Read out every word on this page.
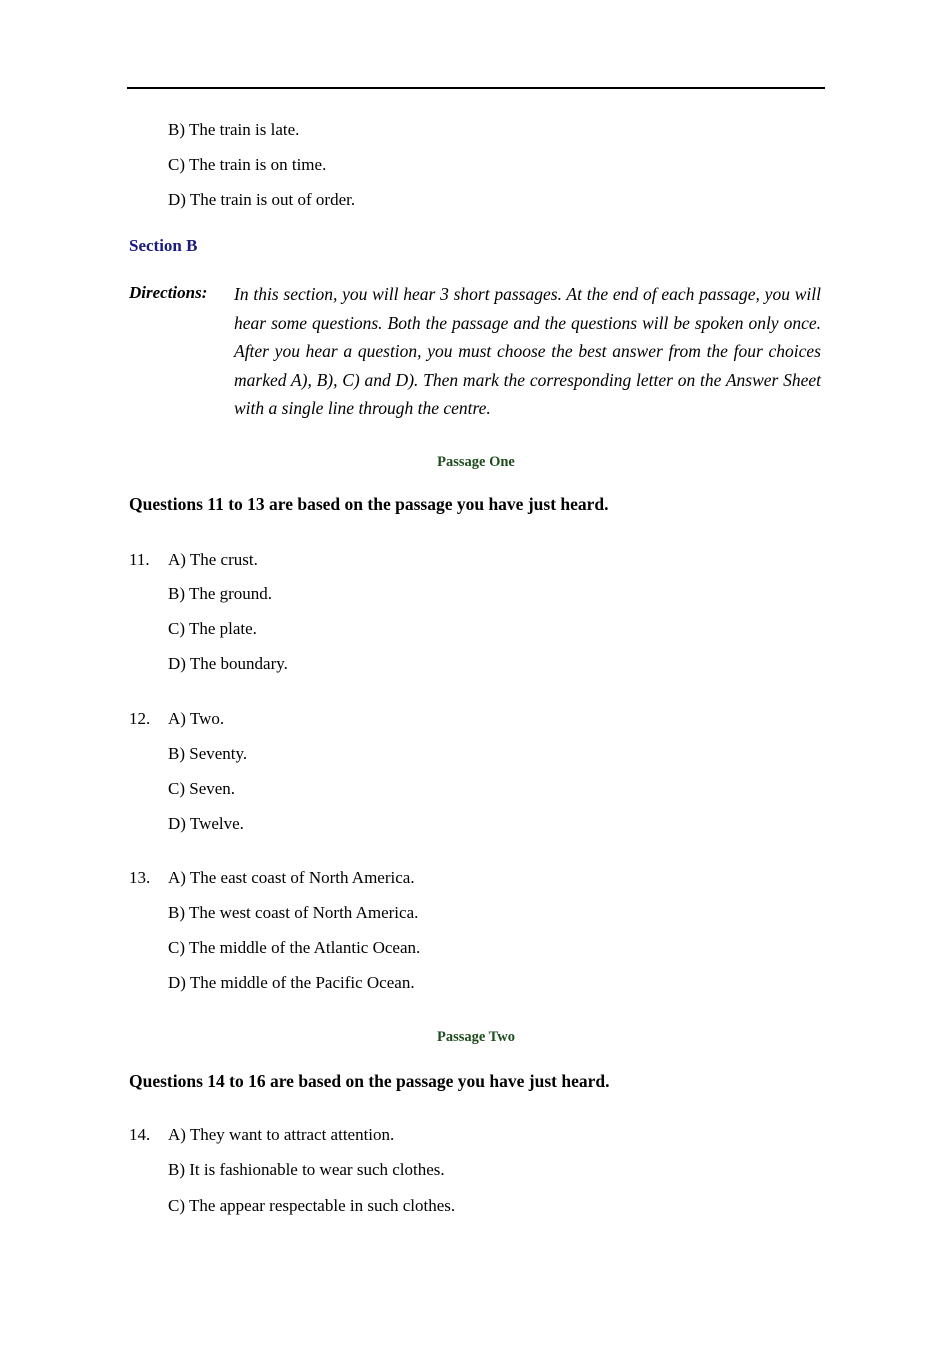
B) The train is late.
C) The train is on time.
D) The train is out of order.
Section B
Directions: In this section, you will hear 3 short passages. At the end of each passage, you will hear some questions. Both the passage and the questions will be spoken only once. After you hear a question, you must choose the best answer from the four choices marked A), B), C) and D). Then mark the corresponding letter on the Answer Sheet with a single line through the centre.
Passage One
Questions 11 to 13 are based on the passage you have just heard.
11. A) The crust.
B) The ground.
C) The plate.
D) The boundary.
12. A) Two.
B) Seventy.
C) Seven.
D) Twelve.
13. A) The east coast of North America.
B) The west coast of North America.
C) The middle of the Atlantic Ocean.
D) The middle of the Pacific Ocean.
Passage Two
Questions 14 to 16 are based on the passage you have just heard.
14. A) They want to attract attention.
B) It is fashionable to wear such clothes.
C) The appear respectable in such clothes.
